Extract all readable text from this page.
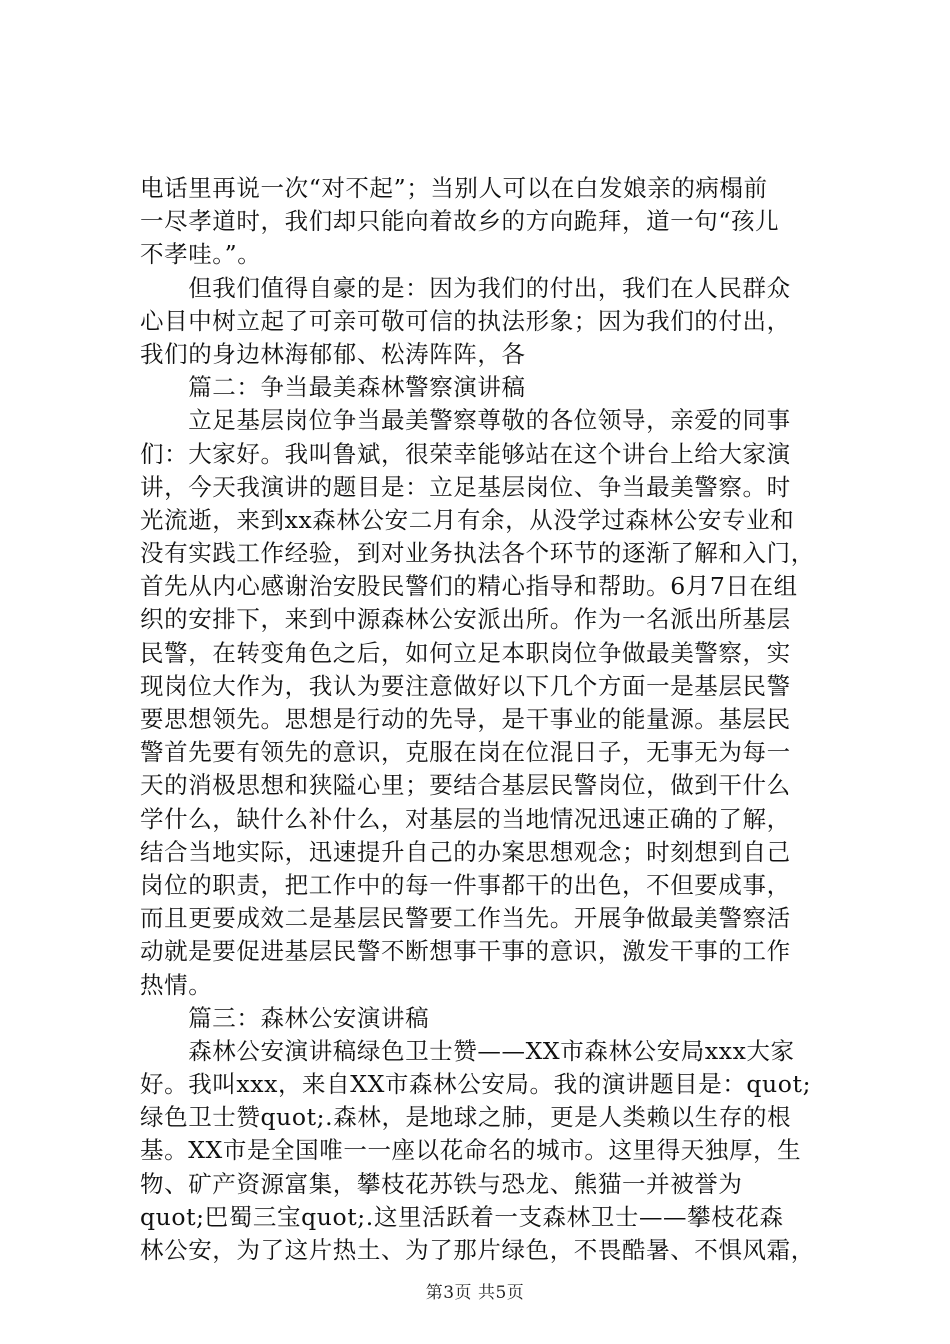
电话里再说一次“对不起”；当别人可以在白发娘亲的病榻前
一尽孝道时，我们却只能向着故乡的方向跪拜，道一句“孩儿
不孝哇。”。
　　但我们值得自豪的是：因为我们的付出，我们在人民群众
心目中树立起了可亲可敬可信的执法形象；因为我们的付出，
我们的身边林海郁郁、松涛阵阵，各
　　篇二：争当最美森林警察演讲稿
　　立足基层岗位争当最美警察尊敬的各位领导，亲爱的同事
们：大家好。我叫鲁斌，很荣幸能够站在这个讲台上给大家演
讲，今天我演讲的题目是：立足基层岗位、争当最美警察。时
光流逝，来到xx森林公安二月有余，从没学过森林公安专业和
没有实践工作经验，到对业务执法各个环节的逐渐了解和入门，
首先从内心感谢治安股民警们的精心指导和帮助。6月7日在组
织的安排下，来到中源森林公安派出所。作为一名派出所基层
民警，在转变角色之后，如何立足本职岗位争做最美警察，实
现岗位大作为，我认为要注意做好以下几个方面一是基层民警
要思想领先。思想是行动的先导，是干事业的能量源。基层民
警首先要有领先的意识，克服在岗在位混日子，无事无为每一
天的消极思想和狭隘心里；要结合基层民警岗位，做到干什么
学什么，缺什么补什么，对基层的当地情况迅速正确的了解，
结合当地实际，迅速提升自己的办案思想观念；时刻想到自己
岗位的职责，把工作中的每一件事都干的出色，不但要成事，
而且更要成效二是基层民警要工作当先。开展争做最美警察活
动就是要促进基层民警不断想事干事的意识，激发干事的工作
热情。
　　篇三：森林公安演讲稿
　　森林公安演讲稿绿色卫士赞——XX市森林公安局xxx大家
好。我叫xxx，来自XX市森林公安局。我的演讲题目是：quot;
绿色卫士赞quot;.森林，是地球之肺，更是人类赖以生存的根
基。XX市是全国唯一一座以花命名的城市。这里得天独厚，生
物、矿产资源富集，攀枝花苏铁与恐龙、熊猫一并被誉为
quot;巴蜀三宝quot;.这里活跃着一支森林卫士——攀枝花森
林公安，为了这片热土、为了那片绿色，不畏酷暑、不惧风霜，
第3页 共5页
